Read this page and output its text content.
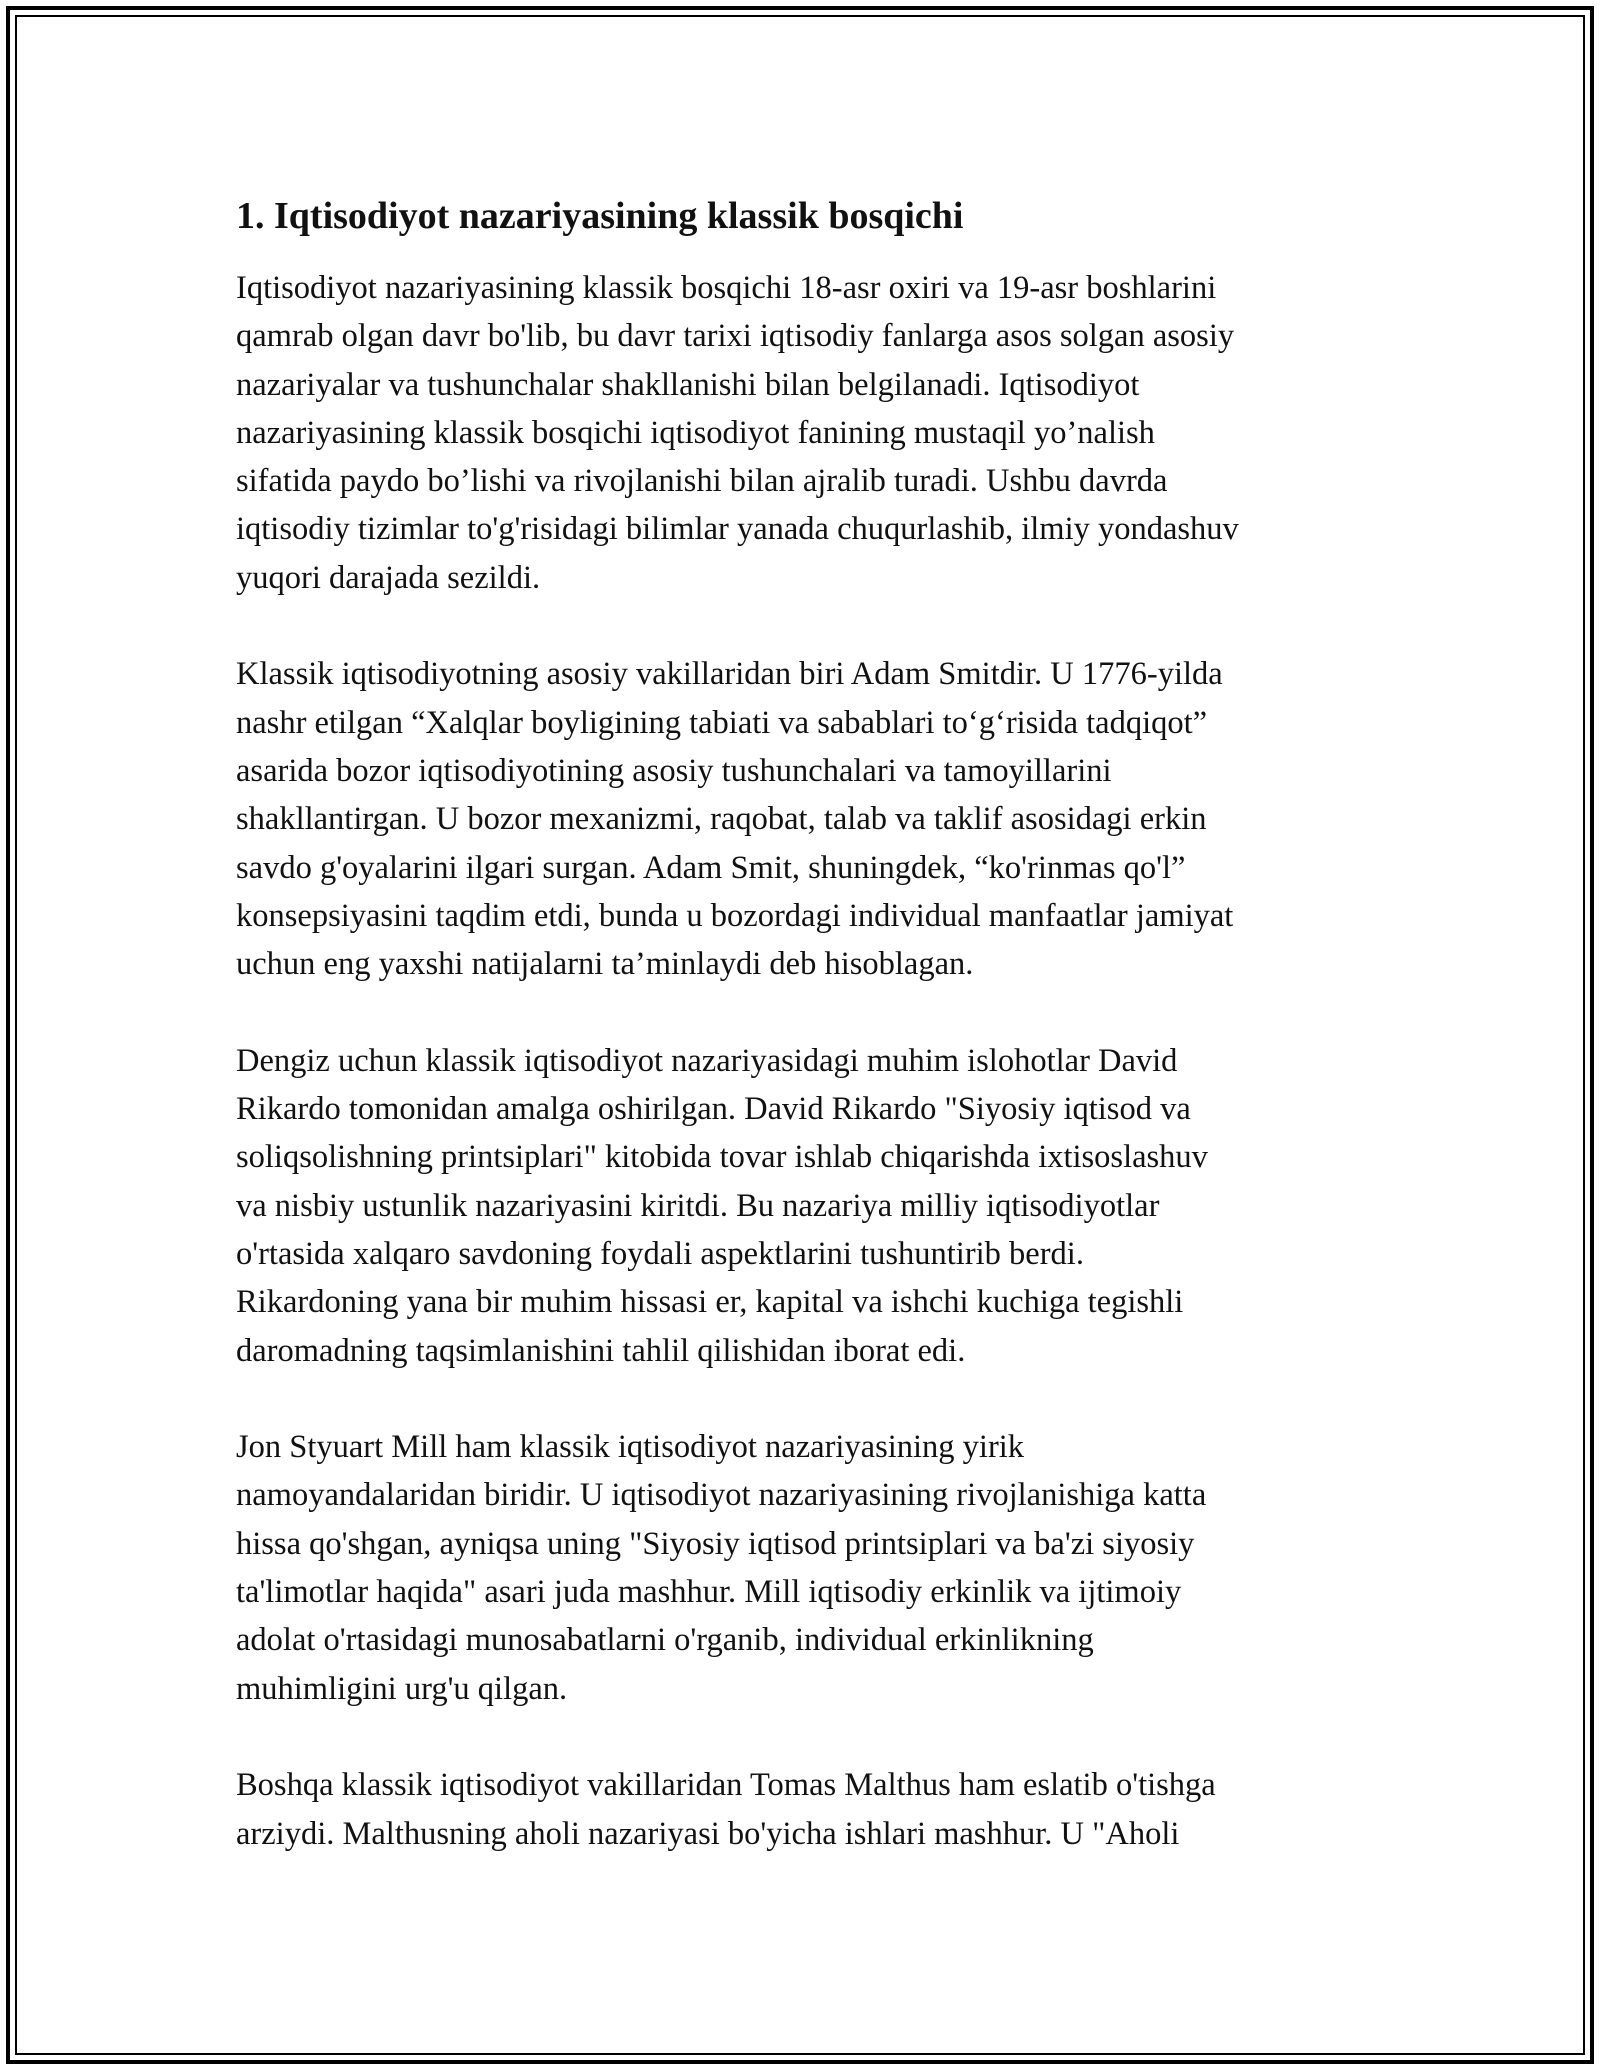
1. Iqtisodiyot nazariyasining klassik bosqichi
Iqtisodiyot nazariyasining klassik bosqichi 18-asr oxiri va 19-asr boshlarini
qamrab olgan davr bo'lib, bu davr tarixi iqtisodiy fanlarga asos solgan asosiy
nazariyalar va tushunchalar shakllanishi bilan belgilanadi. Iqtisodiyot
nazariyasining klassik bosqichi iqtisodiyot fanining mustaqil yo’nalish
sifatida paydo bo’lishi va rivojlanishi bilan ajralib turadi. Ushbu davrda
iqtisodiy tizimlar to'g'risidagi bilimlar yanada chuqurlashib, ilmiy yondashuv
yuqori darajada sezildi.
Klassik iqtisodiyotning asosiy vakillaridan biri Adam Smitdir. U 1776-yilda
nashr etilgan “Xalqlar boyligining tabiati va sabablari to‘g‘risida tadqiqot”
asarida bozor iqtisodiyotining asosiy tushunchalari va tamoyillarini
shakllantirgan. U bozor mexanizmi, raqobat, talab va taklif asosidagi erkin
savdo g'oyalarini ilgari surgan. Adam Smit, shuningdek, “ko'rinmas qo'l”
konsepsiyasini taqdim etdi, bunda u bozordagi individual manfaatlar jamiyat
uchun eng yaxshi natijalarni ta’minlaydi deb hisoblagan.
Dengiz uchun klassik iqtisodiyot nazariyasidagi muhim islohotlar David
Rikardo tomonidan amalga oshirilgan. David Rikardo "Siyosiy iqtisod va
soliqsolishning printsiplari" kitobida tovar ishlab chiqarishda ixtisoslashuv
va nisbiy ustunlik nazariyasini kiritdi. Bu nazariya milliy iqtisodiyotlar
o'rtasida xalqaro savdoning foydali aspektlarini tushuntirib berdi.
Rikardoning yana bir muhim hissasi er, kapital va ishchi kuchiga tegishli
daromadning taqsimlanishini tahlil qilishidan iborat edi.
Jon Styuart Mill ham klassik iqtisodiyot nazariyasining yirik
namoyandalaridan biridir. U iqtisodiyot nazariyasining rivojlanishiga katta
hissa qo'shgan, ayniqsa uning "Siyosiy iqtisod printsiplari va ba'zi siyosiy
ta'limotlar haqida" asari juda mashhur. Mill iqtisodiy erkinlik va ijtimoiy
adolat o'rtasidagi munosabatlarni o'rganib, individual erkinlikning
muhimligini urg'u qilgan.
Boshqa klassik iqtisodiyot vakillaridan Tomas Malthus ham eslatib o'tishga
arziydi. Malthusning aholi nazariyasi bo'yicha ishlari mashhur. U "Aholi
